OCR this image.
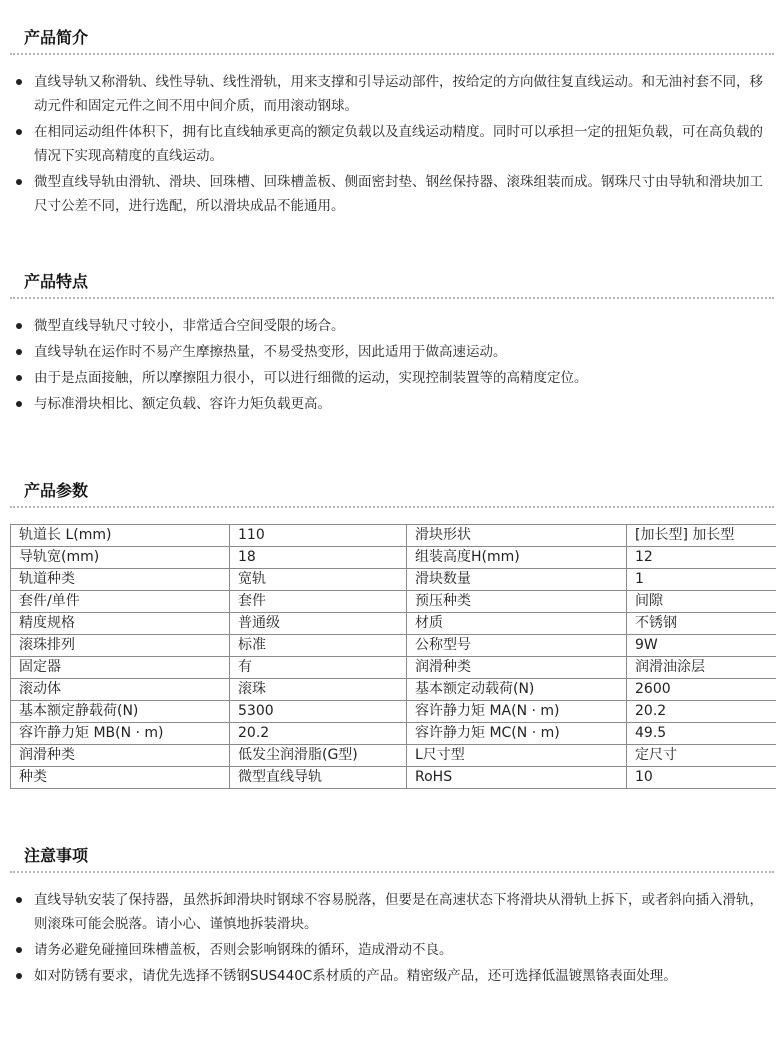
产品简介
直线导轨又称滑轨、线性导轨、线性滑轨，用来支撑和引导运动部件，按给定的方向做往复直线运动。和无油衬套不同，移动元件和固定元件之间不用中间介质，而用滚动钢球。
在相同运动组件体积下，拥有比直线轴承更高的额定负载以及直线运动精度。同时可以承担一定的扭矩负载，可在高负载的情况下实现高精度的直线运动。
微型直线导轨由滑轨、滑块、回珠槽、回珠槽盖板、侧面密封垫、钢丝保持器、滚珠组装而成。钢珠尺寸由导轨和滑块加工尺寸公差不同，进行选配，所以滑块成品不能通用。
产品特点
微型直线导轨尺寸较小，非常适合空间受限的场合。
直线导轨在运作时不易产生摩擦热量，不易受热变形，因此适用于做高速运动。
由于是点面接触，所以摩擦阻力很小，可以进行细微的运动，实现控制装置等的高精度定位。
与标准滑块相比、额定负载、容许力矩负载更高。
产品参数
轨道长 L(mm)	110	滑块形状	[加长型] 加长型
导轨宽(mm)	18	组装高度H(mm)	12
轨道种类	宽轨	滑块数量	1
套件/单件	套件	预压种类	间隙
精度规格	普通级	材质	不锈钢
滚珠排列	标准	公称型号	9W
固定器	有	润滑种类	润滑油涂层
滚动体	滚珠	基本额定动载荷(N)	2600
基本额定静载荷(N)	5300	容许静力矩 MA(N · m)	20.2
容许静力矩 MB(N · m)	20.2	容许静力矩 MC(N · m)	49.5
润滑种类	低发尘润滑脂(G型)	L尺寸型	定尺寸
种类	微型直线导轨	RoHS	10
注意事项
直线导轨安装了保持器，虽然拆卸滑块时钢球不容易脱落，但要是在高速状态下将滑块从滑轨上拆下，或者斜向插入滑轨，则滚珠可能会脱落。请小心、谨慎地拆装滑块。
请务必避免碰撞回珠槽盖板，否则会影响钢珠的循环，造成滑动不良。
如对防锈有要求，请优先选择不锈钢SUS440C系材质的产品。精密级产品，还可选择低温镀黑铬表面处理。
